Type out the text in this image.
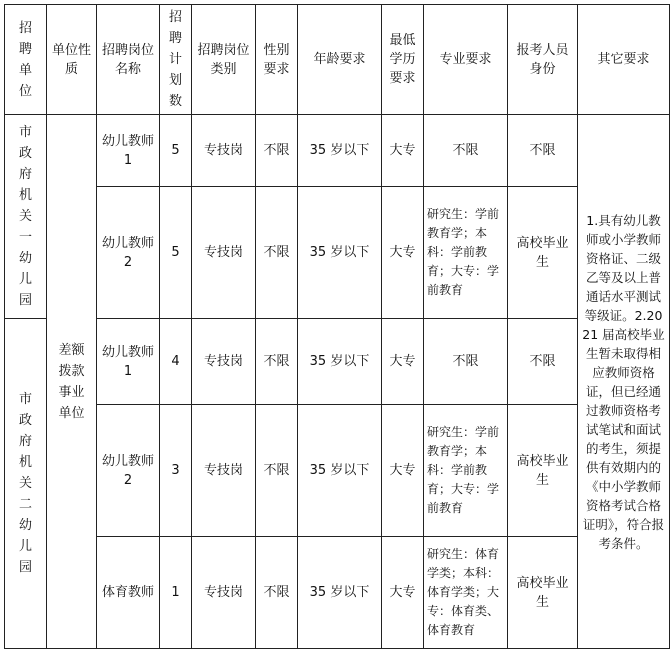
招聘单位	单位性质	招聘岗位名称	招聘计划数	招聘岗位类别	性别要求	年龄要求	最低学历要求	专业要求	报考人员身份	其它要求

市政府机关一幼儿园	差额拨款事业单位	幼儿教师 1	5	专技岗	不限	35 岁以下	大专	不限	不限	1.具有幼儿教师或小学教师资格证、二级乙等及以上普通话水平测试等级证。2.2021 届高校毕业生暂未取得相应教师资格证，但已经通过教师资格考试笔试和面试的考生，须提供有效期内的《中小学教师资格考试合格证明》，符合报考条件。
		幼儿教师 2	5	专技岗	不限	35 岁以下	大专	研究生：学前教育学；本科：学前教育；大专：学前教育	高校毕业生	

市政府机关二幼儿园		幼儿教师 1	4	专技岗	不限	35 岁以下	大专	不限	不限	
		幼儿教师 2	3	专技岗	不限	35 岁以下	大专	研究生：学前教育学；本科：学前教育；大专：学前教育	高校毕业生	
		体育教师	1	专技岗	不限	35 岁以下	大专	研究生：体育学类；本科：体育学类；大专：体育类、体育教育	高校毕业生	
